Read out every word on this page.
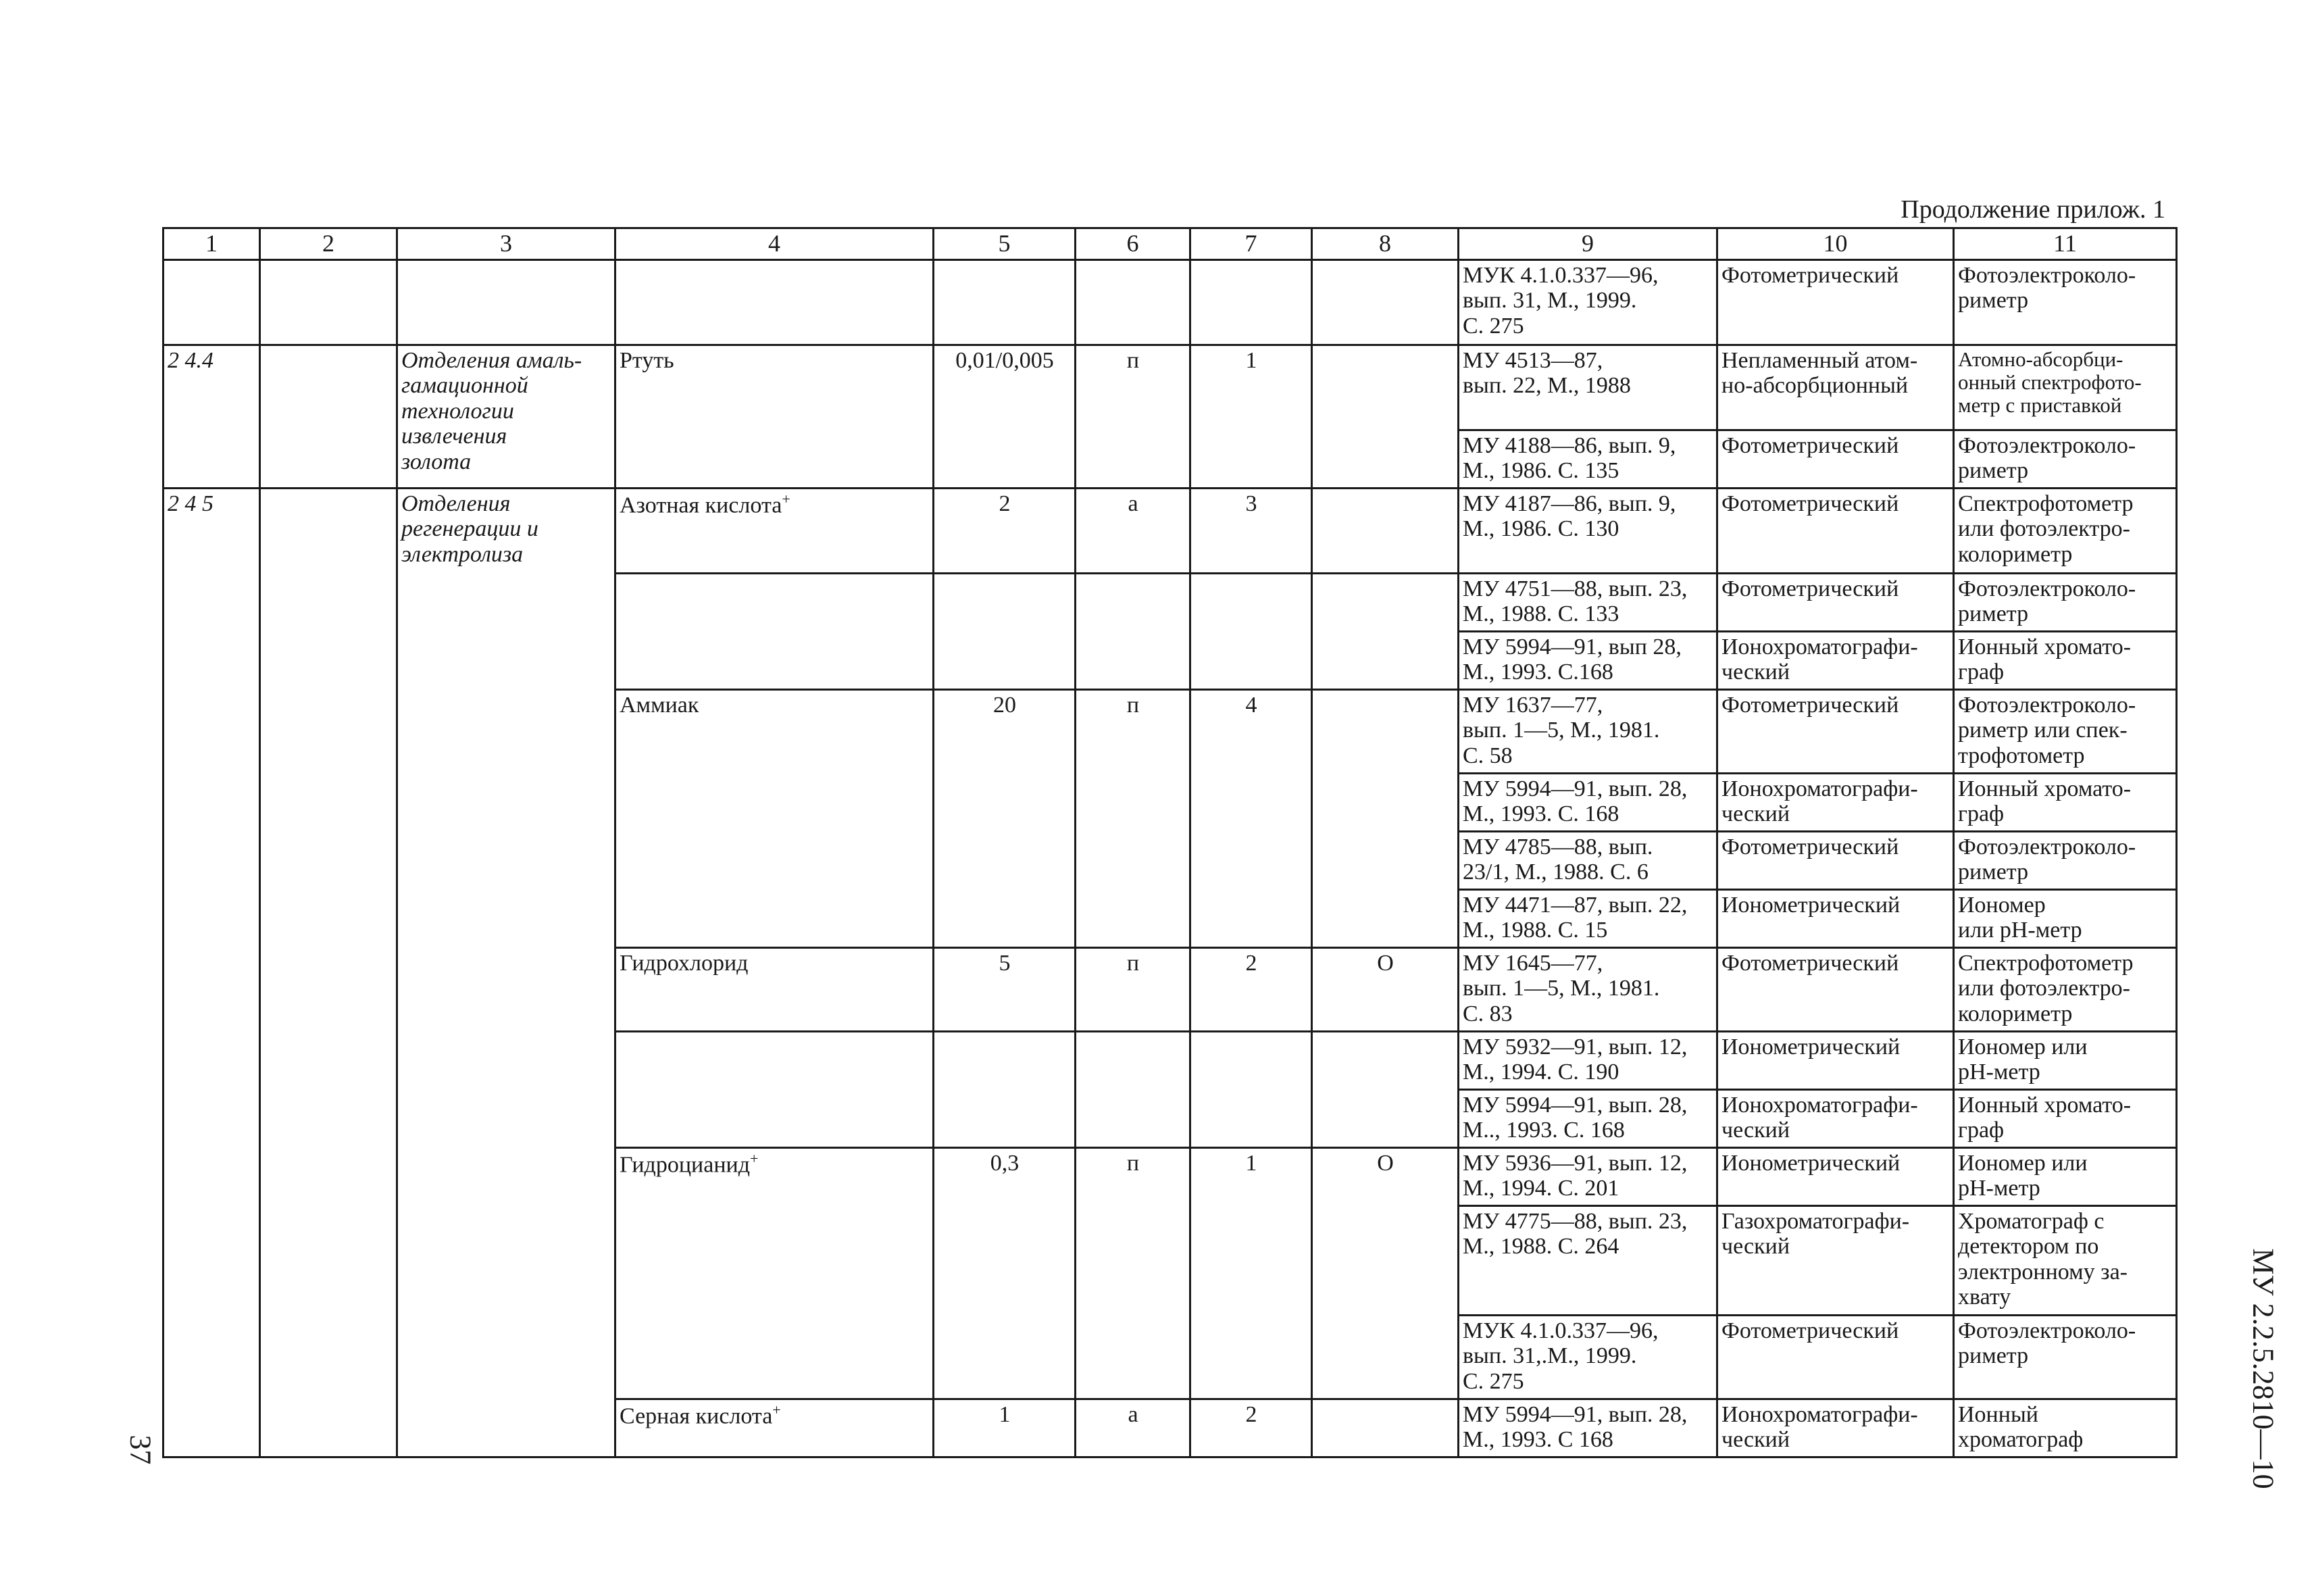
Продолжение прилож. 1
1	2	3	4	5	6	7	8	9	10	11
								МУК 4.1.0.337—96,
вып. 31, М., 1999.
С. 275	Фотометрический	Фотоэлектроколо-
риметр
2 4.4		Отделения амаль-
гамационной
технологии
извлечения
золота	Ртуть	0,01/0,005	п	1		МУ 4513—87,
вып. 22, М., 1988	Непламенный атом-
но-абсорбционный	Атомно-абсорбци-
онный спектрофото-
метр с приставкой
								МУ 4188—86, вып. 9,
М., 1986. С. 135	Фотометрический	Фотоэлектроколо-
риметр
2 4 5		Отделения
регенерации и
электролиза	Азотная кислота+	2	а	3		МУ 4187—86, вып. 9,
М., 1986. С. 130	Фотометрический	Спектрофотометр
или фотоэлектро-
колориметр
								МУ 4751—88, вып. 23,
М., 1988. С. 133	Фотометрический	Фотоэлектроколо-
риметр
								МУ 5994—91, вып 28,
М., 1993. С.168	Ионохроматографи-
ческий	Ионный хромато-
граф
			Аммиак	20	п	4		МУ 1637—77,
вып. 1—5, М., 1981.
С. 58	Фотометрический	Фотоэлектроколо-
риметр или спек-
трофотометр
								МУ 5994—91, вып. 28,
М., 1993. С. 168	Ионохроматографи-
ческий	Ионный хромато-
граф
								МУ 4785—88, вып.
23/1, М., 1988. С. 6	Фотометрический	Фотоэлектроколо-
риметр
								МУ 4471—87, вып. 22,
М., 1988. С. 15	Ионометрический	Иономер
или pH-метр
			Гидрохлорид	5	п	2	О	МУ 1645—77,
вып. 1—5, М., 1981.
С. 83	Фотометрический	Спектрофотометр
или фотоэлектро-
колориметр
								МУ 5932—91, вып. 12,
М., 1994. С. 190	Ионометрический	Иономер или
pH-метр
								МУ 5994—91, вып. 28,
М.., 1993. С. 168	Ионохроматографи-
ческий	Ионный хромато-
граф
			Гидроцианид+	0,3	п	1	О	МУ 5936—91, вып. 12,
М., 1994. С. 201	Ионометрический	Иономер или
pH-метр
								МУ 4775—88, вып. 23,
М., 1988. С. 264	Газохроматографи-
ческий	Хроматограф с
детектором по
электронному за-
хвату
								МУК 4.1.0.337—96,
вып. 31,.М., 1999.
С. 275	Фотометрический	Фотоэлектроколо-
риметр
			Серная кислота+	1	а	2		МУ 5994—91, вып. 28,
М., 1993. С 168	Ионохроматографи-
ческий	Ионный
хроматограф
37	МУ 2.2.5.2810—10
